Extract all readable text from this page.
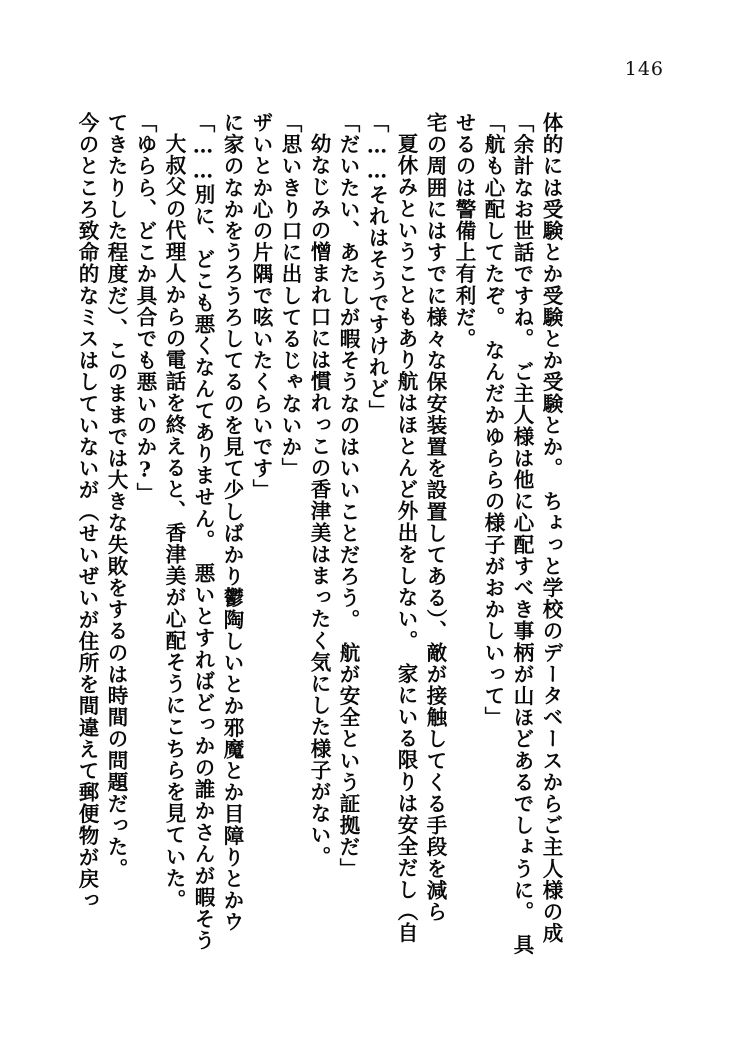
146
今のところ致命的なミスはしていないが（せいぜいが住所を間違えて郵便物が戻っ てきたりした程度だ）、このままでは大きな失敗をするのは時間の問題だった。 「ゆらら、どこか具合でも悪いのか?」 大叔父の代理人からの電話を終えると、香津美が心配そうにこちらを見ていた。 「……別に、どこも悪くなんてありません。　悪いとすればどっかの誰かさんが暇そう に家のなかをうろうろしてるのを見て少しばかり鬱陶しいとか邪魔とか目障りとかウ ザいとか心の片隅で呟いたくらいです」 「思いきり口に出してるじゃないか」 幼なじみの憎まれ口には慣れっこの香津美はまったく気にした様子がない。 「だいたい、あたしが暇そうなのはいいことだろう。　航が安全という証拠だ」 「……それはそうですけれど」 夏休みということもあり航はほとんど外出をしない。　家にいる限りは安全だし（自 宅の周囲にはすでに様々な保安装置を設置してある）、敵が接触してくる手段を減ら せるのは警備上有利だ。 「航も心配してたぞ。　なんだかゆららの様子がおかしいって」 「余計なお世話ですね。　ご主人様は他に心配すべき事柄が山ほどあるでしょうに。　具 体的には受験とか受験とか受験とか。　ちょっと学校のデータベースからご主人様の成
